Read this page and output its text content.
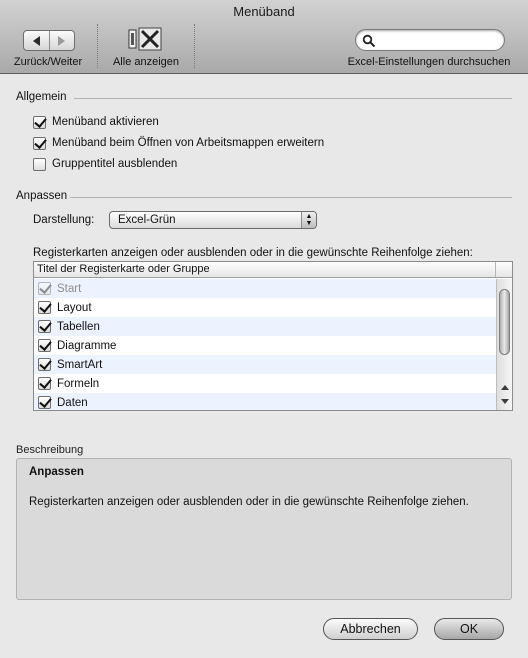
Menüband
Zurück/Weiter	Alle anzeigen	Excel-Einstellungen durchsuchen
Allgemein
Menüband aktivieren
Menüband beim Öffnen von Arbeitsmappen erweitern
Gruppentitel ausblenden
Anpassen
Darstellung:	Excel-Grün	▲
▼
Registerkarten anzeigen oder ausblenden oder in die gewünschte Reihenfolge ziehen:
Titel der Registerkarte oder Gruppe
Start
Layout
Tabellen
Diagramme
SmartArt
Formeln
Daten
Beschreibung
Anpassen
Registerkarten anzeigen oder ausblenden oder in die gewünschte Reihenfolge ziehen.
Abbrechen	OK
